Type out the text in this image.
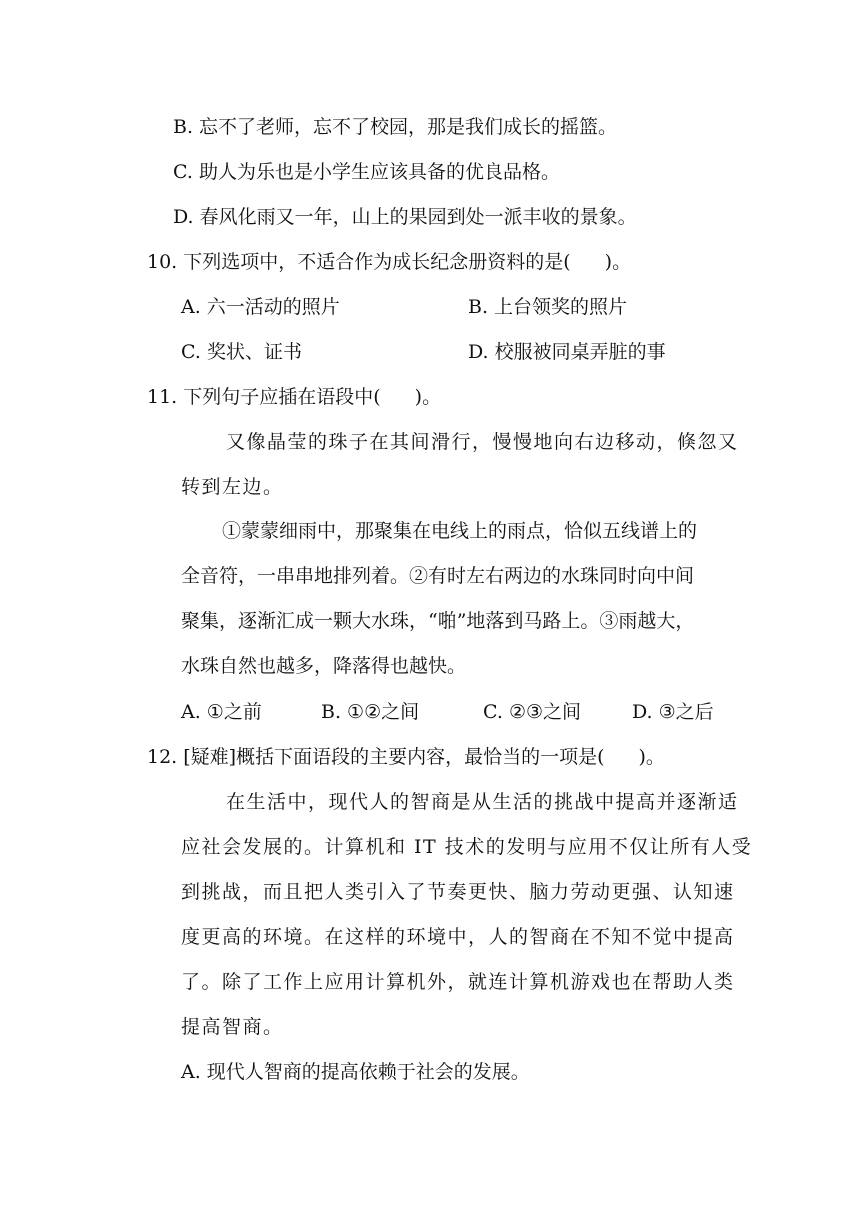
B. 忘不了老师，忘不了校园，那是我们成长的摇篮。
C. 助人为乐也是小学生应该具备的优良品格。
D. 春风化雨又一年，山上的果园到处一派丰收的景象。
10. 下列选项中，不适合作为成长纪念册资料的是( )。
A. 六一活动的照片	B. 上台领奖的照片
C. 奖状、证书	D. 校服被同桌弄脏的事
11. 下列句子应插在语段中( )。
又像晶莹的珠子在其间滑行，慢慢地向右边移动，倏忽又
转到左边。
①蒙蒙细雨中，那聚集在电线上的雨点，恰似五线谱上的
全音符，一串串地排列着。②有时左右两边的水珠同时向中间
聚集，逐渐汇成一颗大水珠，“啪”地落到马路上。③雨越大，
水珠自然也越多，降落得也越快。
A. ①之前	B. ①②之间	C. ②③之间	D. ③之后
12. [疑难]概括下面语段的主要内容，最恰当的一项是( )。
在生活中，现代人的智商是从生活的挑战中提高并逐渐适
应社会发展的。计算机和 IT 技术的发明与应用不仅让所有人受
到挑战，而且把人类引入了节奏更快、脑力劳动更强、认知速
度更高的环境。在这样的环境中，人的智商在不知不觉中提高
了。除了工作上应用计算机外，就连计算机游戏也在帮助人类
提高智商。
A. 现代人智商的提高依赖于社会的发展。
